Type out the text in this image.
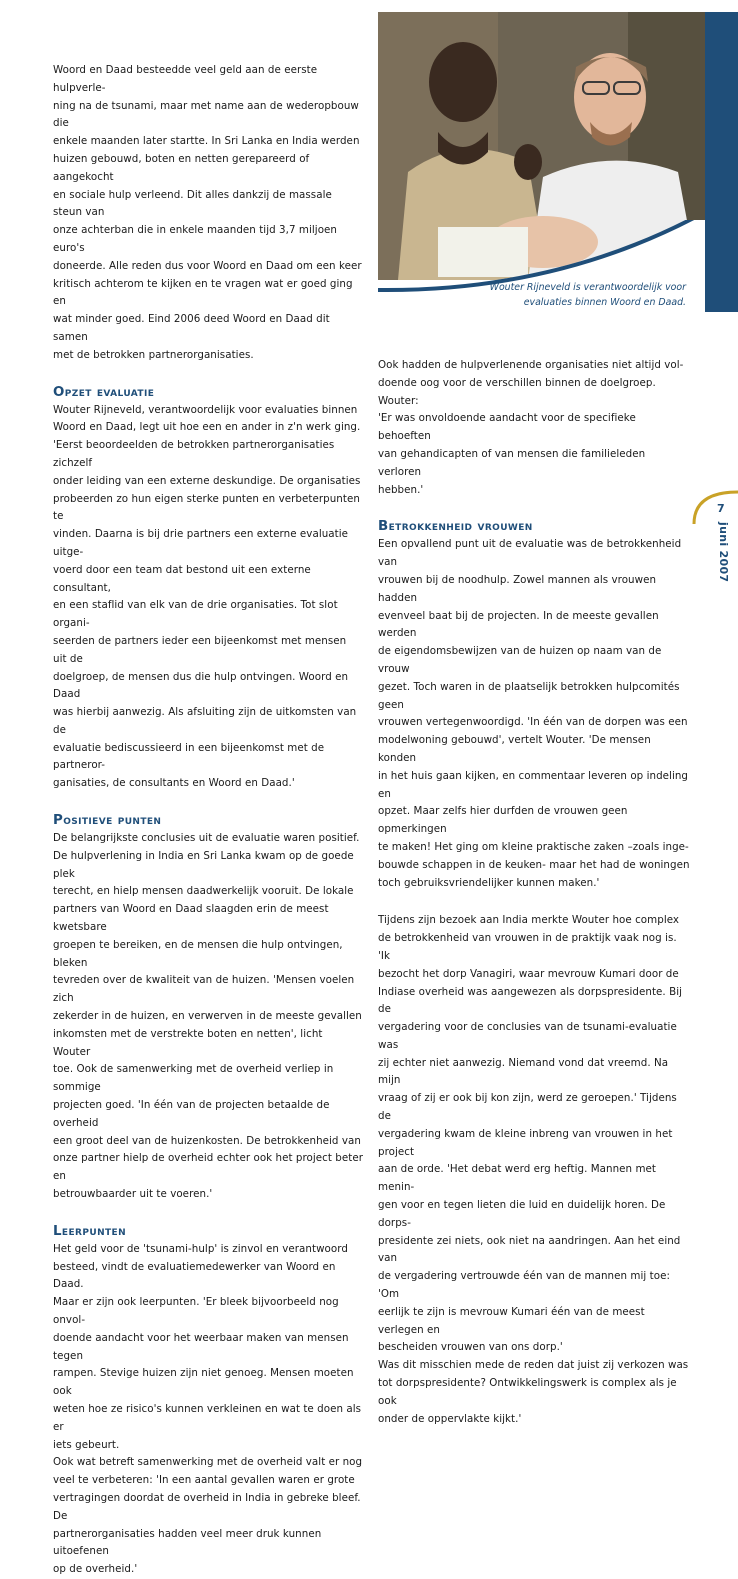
Wouter Rijneveld is verantwoordelijk voor
evaluaties binnen Woord en Daad.

Woord en Daad besteedde veel geld aan de eerste hulpverle-
ning na de tsunami, maar met name aan de wederopbouw die
enkele maanden later startte. In Sri Lanka en India werden
huizen gebouwd, boten en netten gerepareerd of aangekocht
en sociale hulp verleend. Dit alles dankzij de massale steun van
onze achterban die in enkele maanden tijd 3,7 miljoen euro's
doneerde. Alle reden dus voor Woord en Daad om een keer
kritisch achterom te kijken en te vragen wat er goed ging en
wat minder goed. Eind 2006 deed Woord en Daad dit samen
met de betrokken partnerorganisaties.

Opzet evaluatie

Wouter Rijneveld, verantwoordelijk voor evaluaties binnen
Woord en Daad, legt uit hoe een en ander in z'n werk ging.
'Eerst beoordeelden de betrokken partnerorganisaties zichzelf
onder leiding van een externe deskundige. De organisaties
probeerden zo hun eigen sterke punten en verbeterpunten te
vinden. Daarna is bij drie partners een externe evaluatie uitge-
voerd door een team dat bestond uit een externe consultant,
en een staflid van elk van de drie organisaties. Tot slot organi-
seerden de partners ieder een bijeenkomst met mensen uit de
doelgroep, de mensen dus die hulp ontvingen. Woord en Daad
was hierbij aanwezig. Als afsluiting zijn de uitkomsten van de
evaluatie bediscussieerd in een bijeenkomst met de partneror-
ganisaties, de consultants en Woord en Daad.'

Positieve punten

De belangrijkste conclusies uit de evaluatie waren positief.
De hulpverlening in India en Sri Lanka kwam op de goede plek
terecht, en hielp mensen daadwerkelijk vooruit. De lokale
partners van Woord en Daad slaagden erin de meest kwetsbare
groepen te bereiken, en de mensen die hulp ontvingen, bleken
tevreden over de kwaliteit van de huizen. 'Mensen voelen zich
zekerder in de huizen, en verwerven in de meeste gevallen
inkomsten met de verstrekte boten en netten', licht Wouter
toe. Ook de samenwerking met de overheid verliep in sommige
projecten goed. 'In één van de projecten betaalde de overheid
een groot deel van de huizenkosten. De betrokkenheid van
onze partner hielp de overheid echter ook het project beter en
betrouwbaarder uit te voeren.'

Leerpunten

Het geld voor de 'tsunami-hulp' is zinvol en verantwoord
besteed, vindt de evaluatiemedewerker van Woord en Daad.
Maar er zijn ook leerpunten. 'Er bleek bijvoorbeeld nog onvol-
doende aandacht voor het weerbaar maken van mensen tegen
rampen. Stevige huizen zijn niet genoeg. Mensen moeten ook
weten hoe ze risico's kunnen verkleinen en wat te doen als er
iets gebeurt.
Ook wat betreft samenwerking met de overheid valt er nog
veel te verbeteren: 'In een aantal gevallen waren er grote
vertragingen doordat de overheid in India in gebreke bleef. De
partnerorganisaties hadden veel meer druk kunnen uitoefenen
op de overheid.'

Ook hadden de hulpverlenende organisaties niet altijd vol-
doende oog voor de verschillen binnen de doelgroep. Wouter:
'Er was onvoldoende aandacht voor de specifieke behoeften
van gehandicapten of van mensen die familieleden verloren
hebben.'

Betrokkenheid vrouwen

Een opvallend punt uit de evaluatie was de betrokkenheid van
vrouwen bij de noodhulp. Zowel mannen als vrouwen hadden
evenveel baat bij de projecten. In de meeste gevallen werden
de eigendomsbewijzen van de huizen op naam van de vrouw
gezet. Toch waren in de plaatselijk betrokken hulpcomités geen
vrouwen vertegenwoordigd. 'In één van de dorpen was een
modelwoning gebouwd', vertelt Wouter. 'De mensen konden
in het huis gaan kijken, en commentaar leveren op indeling en
opzet. Maar zelfs hier durfden de vrouwen geen opmerkingen
te maken! Het ging om kleine praktische zaken –zoals inge-
bouwde schappen in de keuken- maar het had de woningen
toch gebruiksvriendelijker kunnen maken.'

Tijdens zijn bezoek aan India merkte Wouter hoe complex
de betrokkenheid van vrouwen in de praktijk vaak nog is. 'Ik
bezocht het dorp Vanagiri, waar mevrouw Kumari door de
Indiase overheid was aangewezen als dorpspresidente. Bij de
vergadering voor de conclusies van de tsunami-evaluatie was
zij echter niet aanwezig. Niemand vond dat vreemd. Na mijn
vraag of zij er ook bij kon zijn, werd ze geroepen.' Tijdens de
vergadering kwam de kleine inbreng van vrouwen in het project
aan de orde. 'Het debat werd erg heftig. Mannen met menin-
gen voor en tegen lieten die luid en duidelijk horen. De dorps-
presidente zei niets, ook niet na aandringen. Aan het eind van
de vergadering vertrouwde één van de mannen mij toe: 'Om
eerlijk te zijn is mevrouw Kumari één van de meest verlegen en
bescheiden vrouwen van ons dorp.'
Was dit misschien mede de reden dat juist zij verkozen was
tot dorpspresidente? Ontwikkelingswerk is complex als je ook
onder de oppervlakte kijkt.'

7
juni 2007
